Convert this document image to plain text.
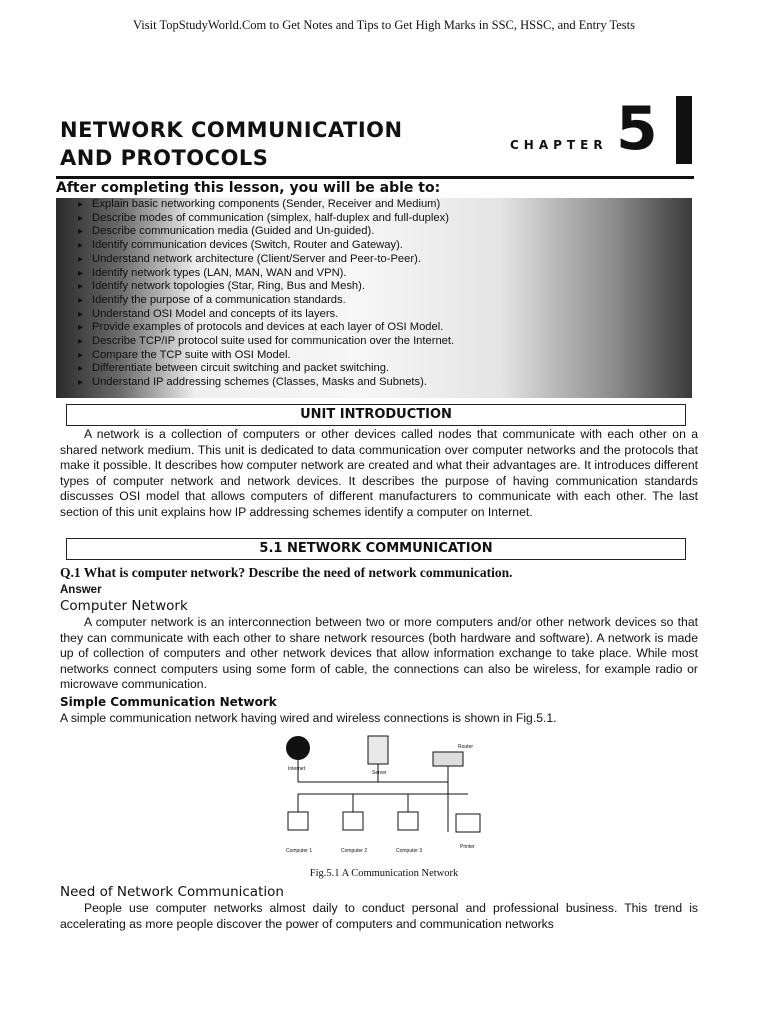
Visit TopStudyWorld.Com to Get Notes and Tips to Get High Marks in SSC, HSSC, and Entry Tests
NETWORK COMMUNICATION
AND PROTOCOLS
CHAPTER 5
After completing this lesson, you will be able to:
▸ Explain basic networking components (Sender, Receiver and Medium)
▸ Describe modes of communication (simplex, half-duplex and full-duplex)
▸ Describe communication media (Guided and Un-guided).
▸ Identify communication devices (Switch, Router and Gateway).
▸ Understand network architecture (Client/Server and Peer-to-Peer).
▸ Identify network types (LAN, MAN, WAN and VPN).
▸ Identify network topologies (Star, Ring, Bus and Mesh).
▸ Identify the purpose of a communication standards.
▸ Understand OSI Model and concepts of its layers.
▸ Provide examples of protocols and devices at each layer of OSI Model.
▸ Describe TCP/IP protocol suite used for communication over the Internet.
▸ Compare the TCP suite with OSI Model.
▸ Differentiate between circuit switching and packet switching.
▸ Understand IP addressing schemes (Classes, Masks and Subnets).
UNIT INTRODUCTION
A network is a collection of computers or other devices called nodes that communicate with each other on a shared network medium. This unit is dedicated to data communication over computer networks and the protocols that make it possible. It describes how computer network are created and what their advantages are. It introduces different types of computer network and network devices. It describes the purpose of having communication standards discusses OSI model that allows computers of different manufacturers to communicate with each other. The last section of this unit explains how IP addressing schemes identify a computer on Internet.
5.1 NETWORK COMMUNICATION
Q.1 What is computer network? Describe the need of network communication.
Answer
Computer Network
A computer network is an interconnection between two or more computers and/or other network devices so that they can communicate with each other to share network resources (both hardware and software). A network is made up of collection of computers and other network devices that allow information exchange to take place. While most networks connect computers using some form of cable, the connections can also be wireless, for example radio or microwave communication.
Simple Communication Network
A simple communication network having wired and wireless connections is shown in Fig.5.1.
Internet
Server
Router
Computer 1	Computer 2	Computer 3
Printer
Fig.5.1 A Communication Network
Need of Network Communication
People use computer networks almost daily to conduct personal and professional business. This trend is accelerating as more people discover the power of computers and communication networks
